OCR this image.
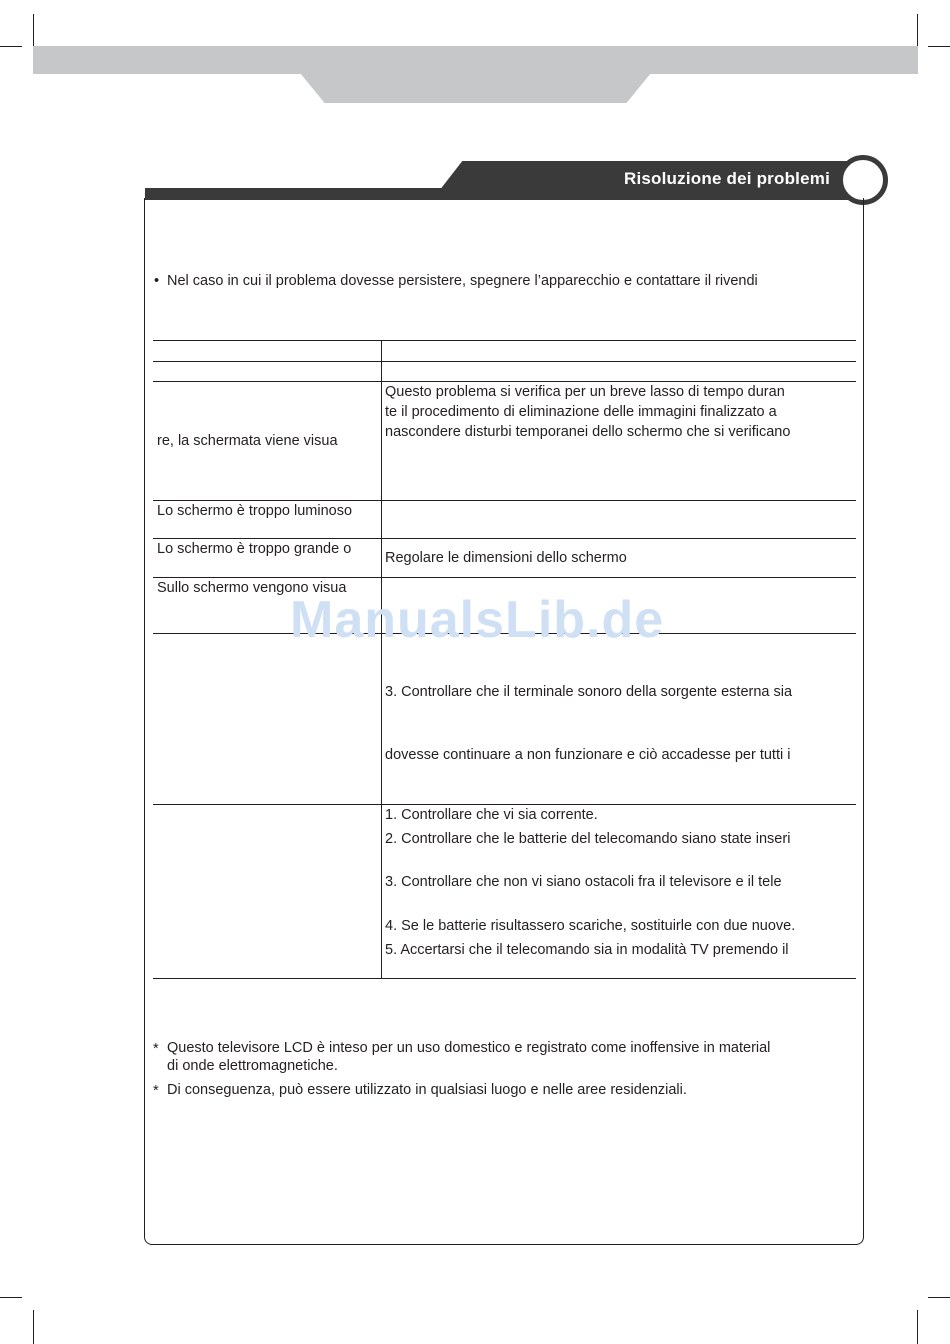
Risoluzione dei problemi
• Nel caso in cui il problema dovesse persistere, spegnere l’apparecchio e contattare il rivendi
re, la schermata viene visua
Questo problema si verifica per un breve lasso di tempo duran
te il procedimento di eliminazione delle immagini finalizzato a
nascondere disturbi temporanei dello schermo che si verificano
Lo schermo è troppo luminoso
Lo schermo è troppo grande o
Regolare le dimensioni dello schermo
Sullo schermo vengono visua
3. Controllare che il terminale sonoro della sorgente esterna sia
dovesse continuare a non funzionare e ciò accadesse per tutti i
1. Controllare che vi sia corrente.
2. Controllare che le batterie del telecomando siano state inseri
3. Controllare che non vi siano ostacoli fra il televisore e il tele
4. Se le batterie risultassero scariche, sostituirle con due nuove.
5. Accertarsi che il telecomando sia in modalità TV premendo il
* Questo televisore LCD è inteso per un uso domestico e registrato come inoffensive in material
di onde elettromagnetiche.
* Di conseguenza, può essere utilizzato in qualsiasi luogo e nelle aree residenziali.
ManualsLib.de
